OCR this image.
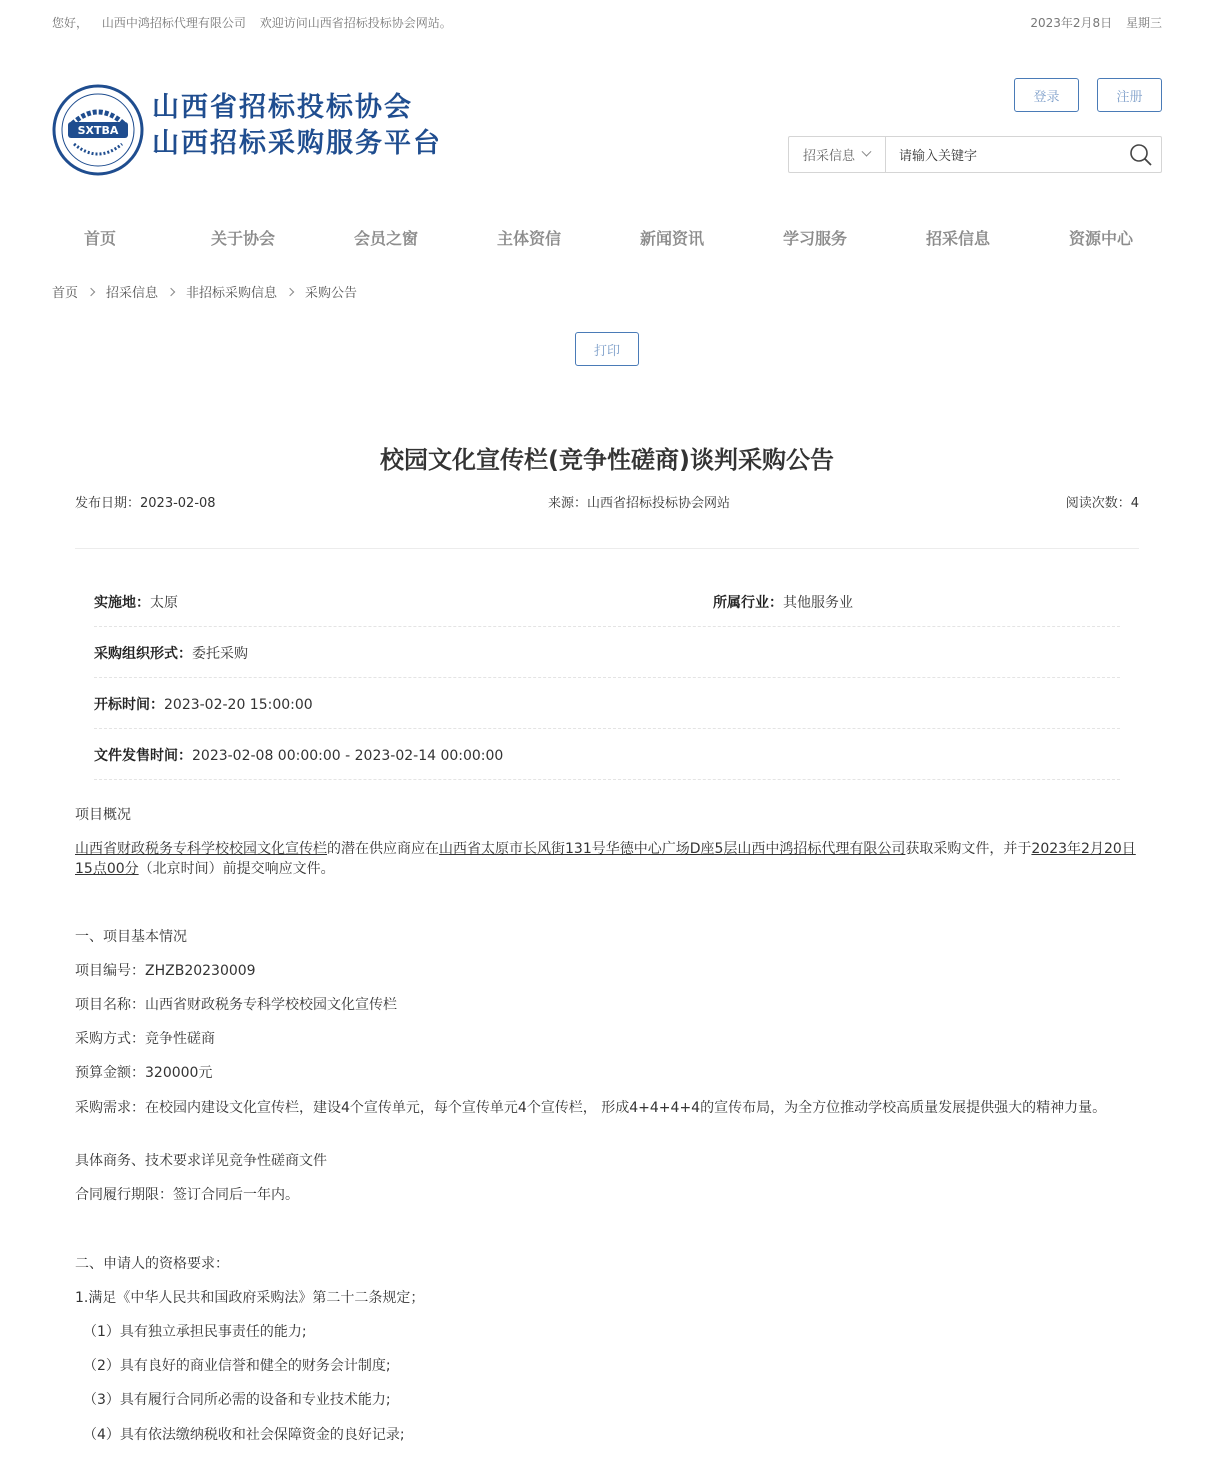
您好， 山西中鸿招标代理有限公司 欢迎访问山西省招标投标协会网站。	2023年2月8日 星期三
SXTBA
山西省招标投标协会
山西招标采购服务平台
登录	注册
招采信息	请输入关键字
首页	关于协会	会员之窗	主体资信	新闻资讯	学习服务	招采信息	资源中心
首页 招采信息 非招标采购信息 采购公告
打印
校园文化宣传栏(竞争性磋商)谈判采购公告
发布日期：2023-02-08	来源：山西省招标投标协会网站	阅读次数：4
实施地：太原	所属行业：其他服务业
采购组织形式：委托采购
开标时间：2023-02-20 15:00:00
文件发售时间：2023-02-08 00:00:00 - 2023-02-14 00:00:00
项目概况
山西省财政税务专科学校校园文化宣传栏的潜在供应商应在山西省太原市长风街131号华德中心广场D座5层山西中鸿招标代理有限公司获取采购文件，并于2023年2月20日15点00分（北京时间）前提交响应文件。
一、项目基本情况
项目编号：ZHZB20230009
项目名称：山西省财政税务专科学校校园文化宣传栏
采购方式：竞争性磋商
预算金额：320000元
采购需求：在校园内建设文化宣传栏，建设4个宣传单元，每个宣传单元4个宣传栏， 形成4+4+4+4的宣传布局，为全方位推动学校高质量发展提供强大的精神力量。
具体商务、技术要求详见竞争性磋商文件
合同履行期限：签订合同后一年内。
二、申请人的资格要求：
1.满足《中华人民共和国政府采购法》第二十二条规定；
（1）具有独立承担民事责任的能力;
（2）具有良好的商业信誉和健全的财务会计制度;
（3）具有履行合同所必需的设备和专业技术能力;
（4）具有依法缴纳税收和社会保障资金的良好记录;
